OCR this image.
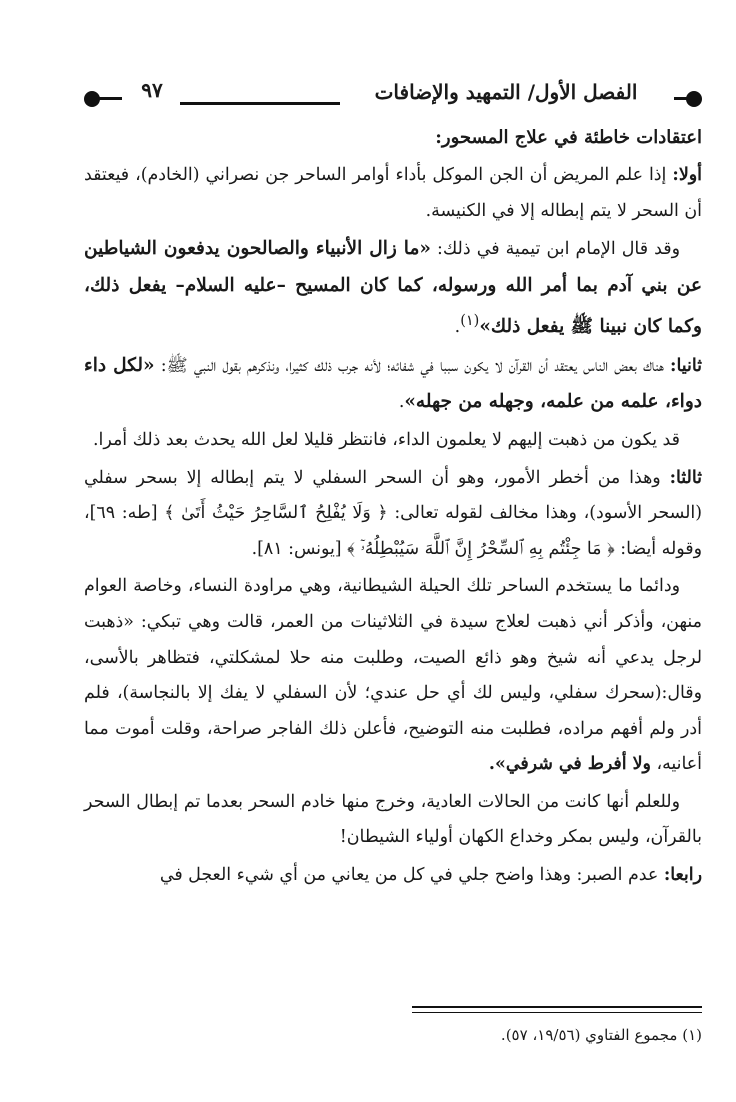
٩٧	الفصل الأول/ التمهيد والإضافات

اعتقادات خاطئة في علاج المسحور:

أولا: إذا علم المريض أن الجن الموكل بأداء أوامر الساحر جن نصراني (الخادم)، فيعتقد أن السحر لا يتم إبطاله إلا في الكنيسة.

وقد قال الإمام ابن تيمية في ذلك: «ما زال الأنبياء والصالحون يدفعون الشياطين عن بني آدم بما أمر الله ورسوله، كما كان المسيح –عليه السلام– يفعل ذلك، وكما كان نبينا ﷺ يفعل ذلك»$^{(١)}$.

ثانيا: هناك بعض الناس يعتقد أن القرآن لا يكون سببا في شفائه؛ لأنه جرب ذلك كثيرا، ونذكرهم بقول النبي ﷺ: «لكل داء دواء، علمه من علمه، وجهله من جهله».

قد يكون من ذهبت إليهم لا يعلمون الداء، فانتظر قليلا لعل الله يحدث بعد ذلك أمرا.

ثالثا: وهذا من أخطر الأمور، وهو أن السحر السفلي لا يتم إبطاله إلا بسحر سفلي (السحر الأسود)، وهذا مخالف لقوله تعالى: ﴿ وَلَا يُفْلِحُ ٱلسَّاحِرُ حَيْثُ أَتَىٰ ﴾ [طه: ٦٩]، وقوله أيضا: ﴿ مَا جِئْتُم بِهِ ٱلسِّحْرُ إِنَّ ٱللَّهَ سَيُبْطِلُهُۥٓ ﴾ [يونس: ٨١].

ودائما ما يستخدم الساحر تلك الحيلة الشيطانية، وهي مراودة النساء، وخاصة العوام منهن، وأذكر أني ذهبت لعلاج سيدة في الثلاثينات من العمر، قالت وهي تبكي: «ذهبت لرجل يدعي أنه شيخ وهو ذائع الصيت، وطلبت منه حلا لمشكلتي، فتظاهر بالأسى، وقال:(سحرك سفلي، وليس لك أي حل عندي؛ لأن السفلي لا يفك إلا بالنجاسة)، فلم أدر ولم أفهم مراده، فطلبت منه التوضيح، فأعلن ذلك الفاجر صراحة، وقلت أموت مما أعانيه، ولا أفرط في شرفي».

وللعلم أنها كانت من الحالات العادية، وخرج منها خادم السحر بعدما تم إبطال السحر بالقرآن، وليس بمكر وخداع الكهان أولياء الشيطان!

رابعا: عدم الصبر: وهذا واضح جلي في كل من يعاني من أي شيء العجل في

(١) مجموع الفتاوي (١٩/٥٦، ٥٧).
